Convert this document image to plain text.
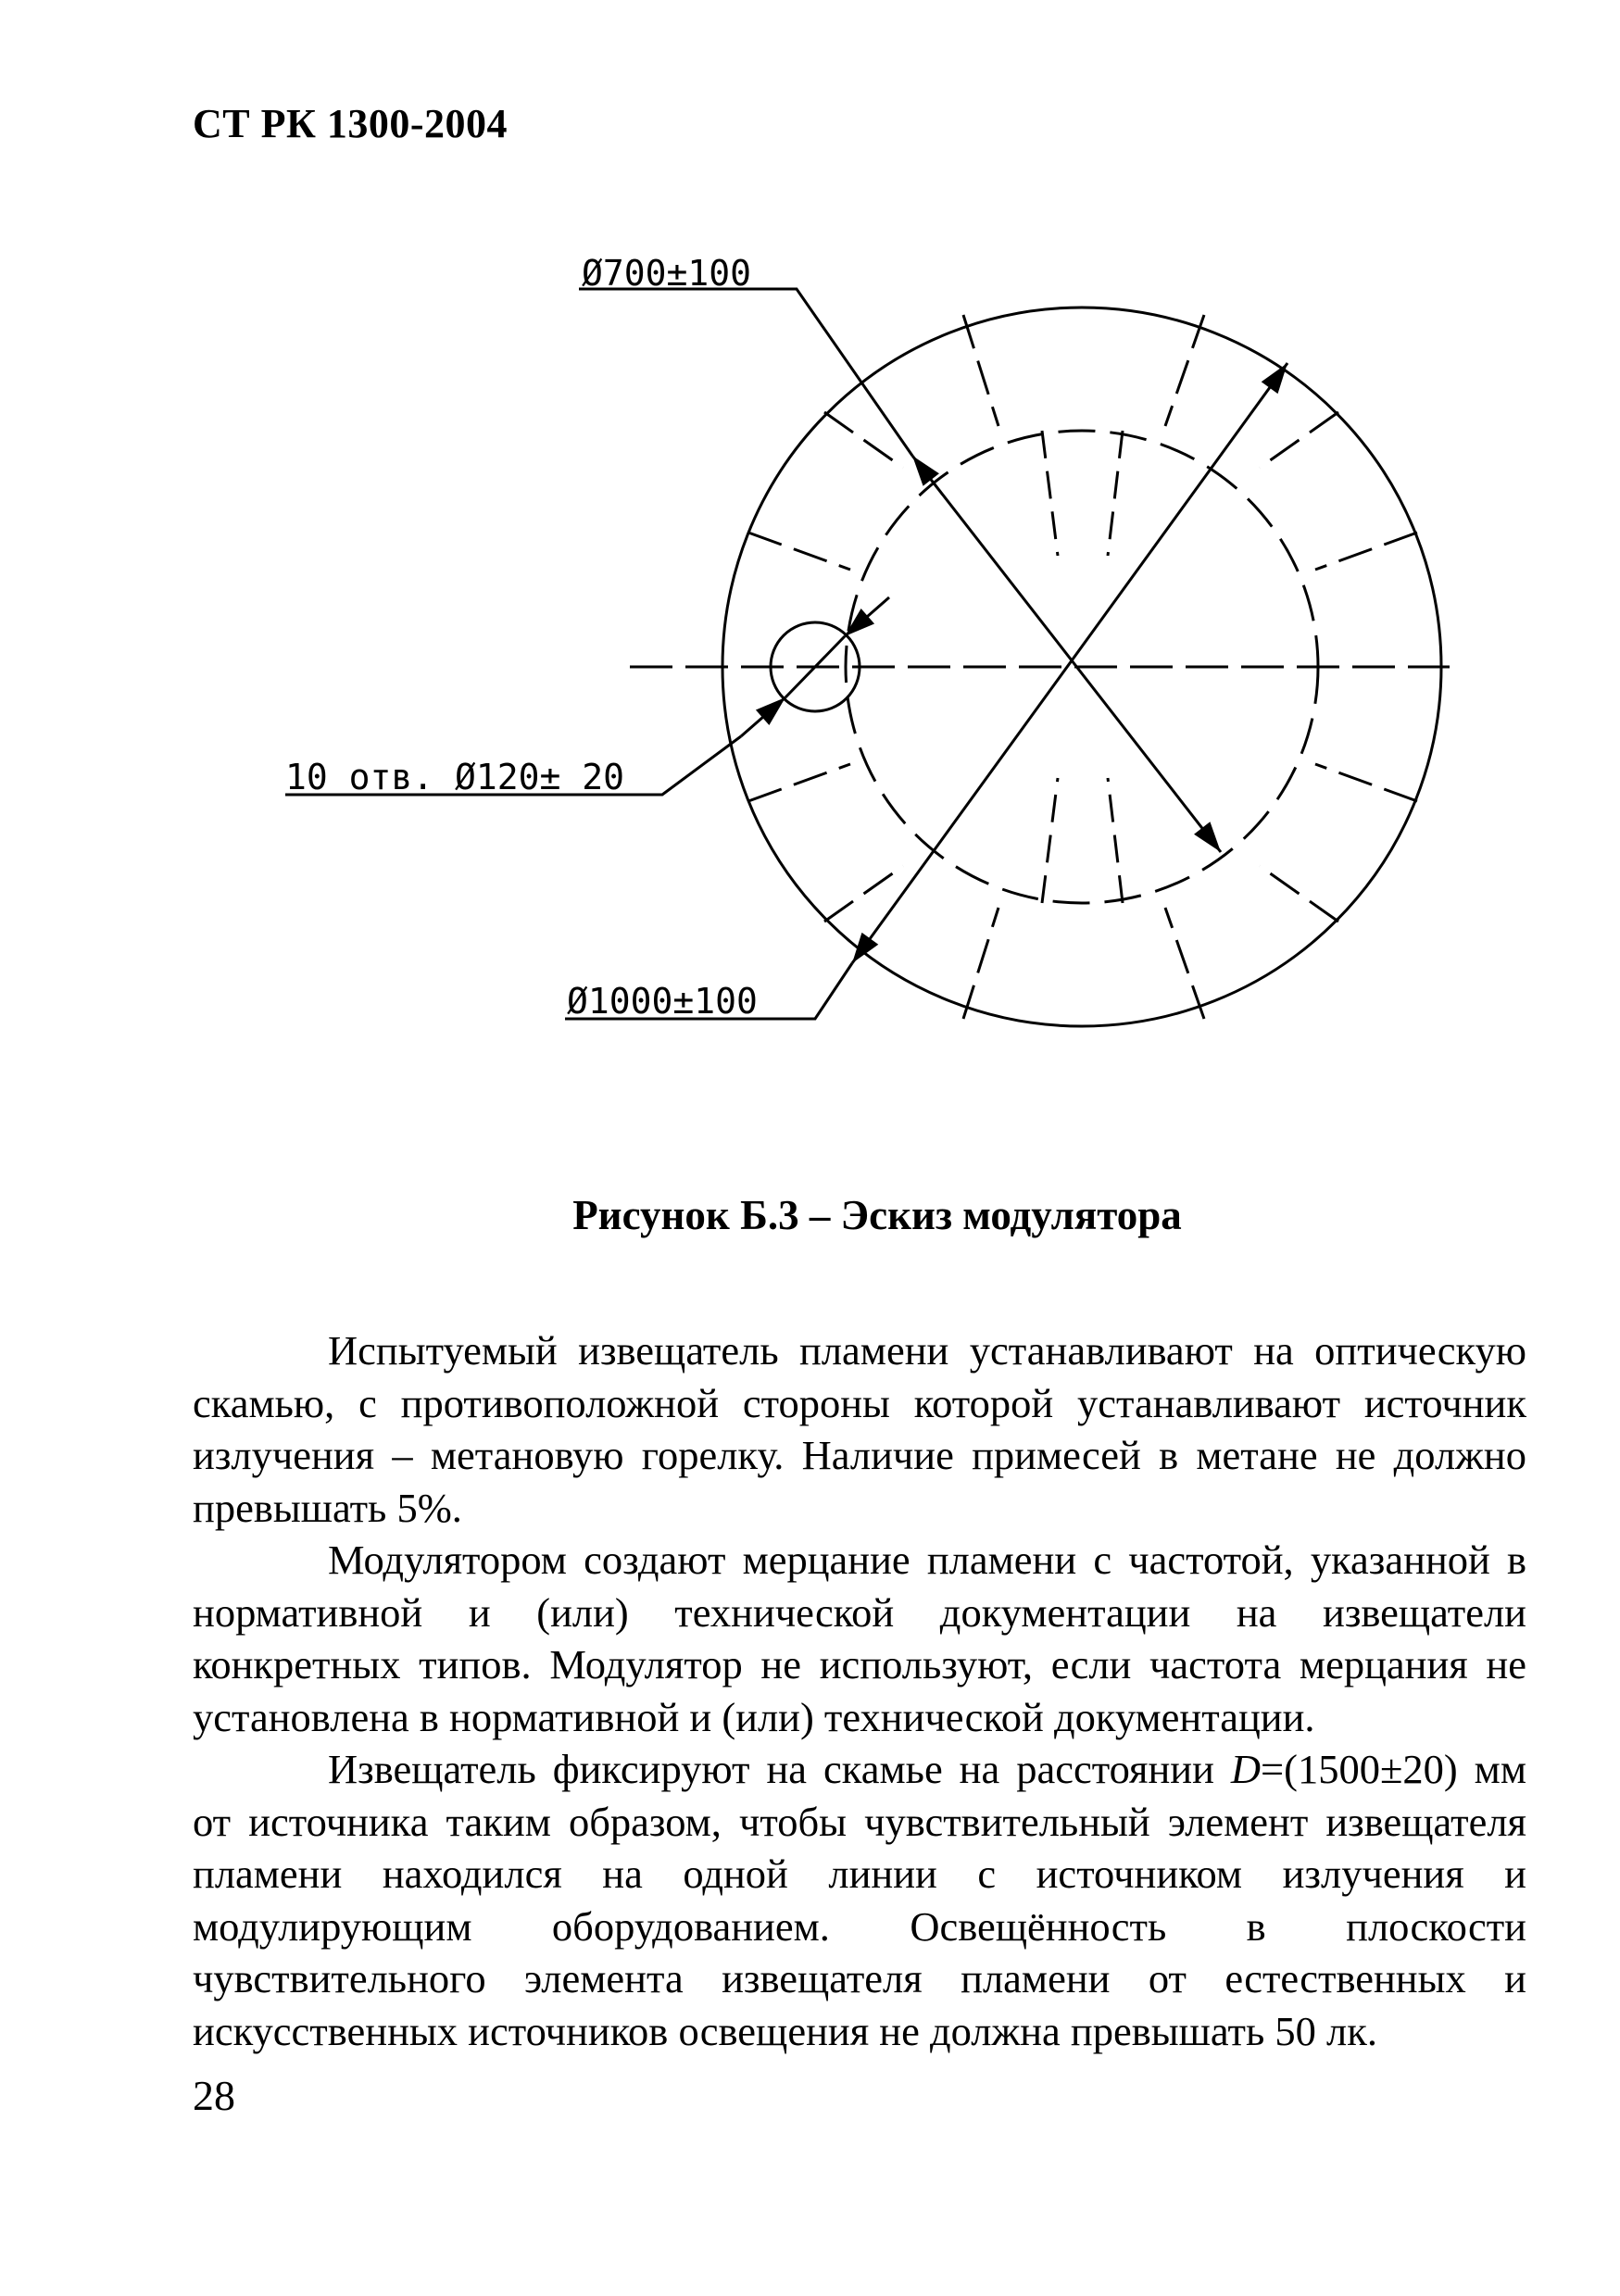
СТ РК 1300-2004
Ø700±100
10 отв. Ø120± 20
Ø1000±100
Рисунок Б.3 – Эскиз модулятора

Испытуемый извещатель пламени устанавливают на оптическую скамью, с противоположной стороны которой устанавливают источник излучения – метановую горелку. Наличие примесей в метане не должно превышать 5%.

Модулятором создают мерцание пламени с частотой, указанной в нормативной и (или) технической документации на извещатели конкретных типов. Модулятор не используют, если частота мерцания не установлена в нормативной и (или) технической документации.

Извещатель фиксируют на скамье на расстоянии D=(1500±20) мм от источника таким образом, чтобы чувствительный элемент извещателя пламени находился на одной линии с источником излучения и модулирующим оборудованием. Освещённость в плоскости чувствительного элемента извещателя пламени от естественных и искусственных источников освещения не должна превышать 50 лк.

28
